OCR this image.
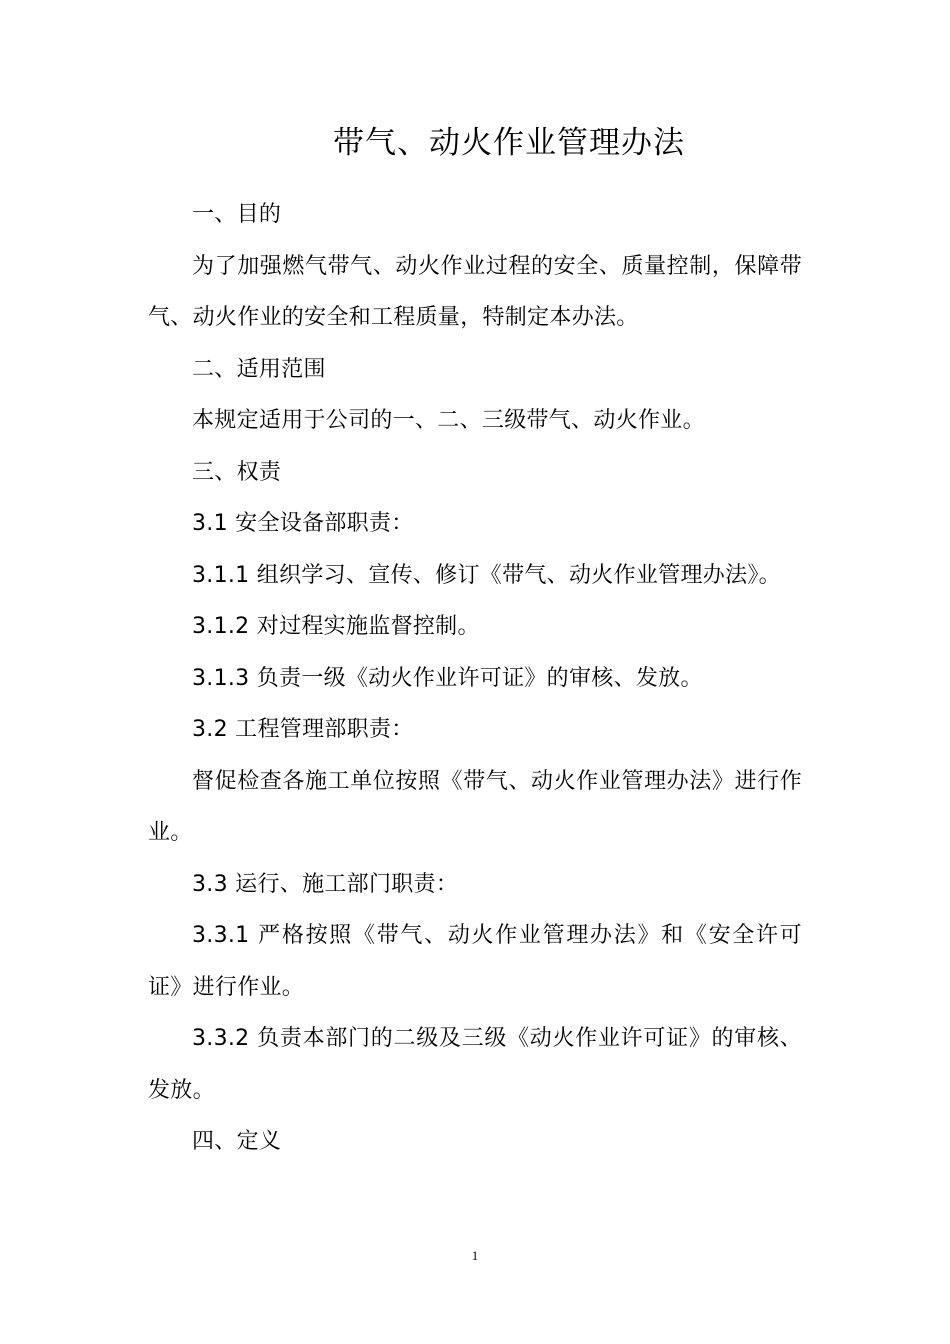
带气、动火作业管理办法

一、目的

为了加强燃气带气、动火作业过程的安全、质量控制，保障带气、动火作业的安全和工程质量，特制定本办法。

二、适用范围

本规定适用于公司的一、二、三级带气、动火作业。

三、权责

3.1 安全设备部职责：

3.1.1 组织学习、宣传、修订《带气、动火作业管理办法》。

3.1.2 对过程实施监督控制。

3.1.3 负责一级《动火作业许可证》的审核、发放。

3.2 工程管理部职责：

督促检查各施工单位按照《带气、动火作业管理办法》进行作业。

3.3 运行、施工部门职责：

3.3.1 严格按照《带气、动火作业管理办法》和《安全许可证》进行作业。

3.3.2 负责本部门的二级及三级《动火作业许可证》的审核、发放。

四、定义

1
